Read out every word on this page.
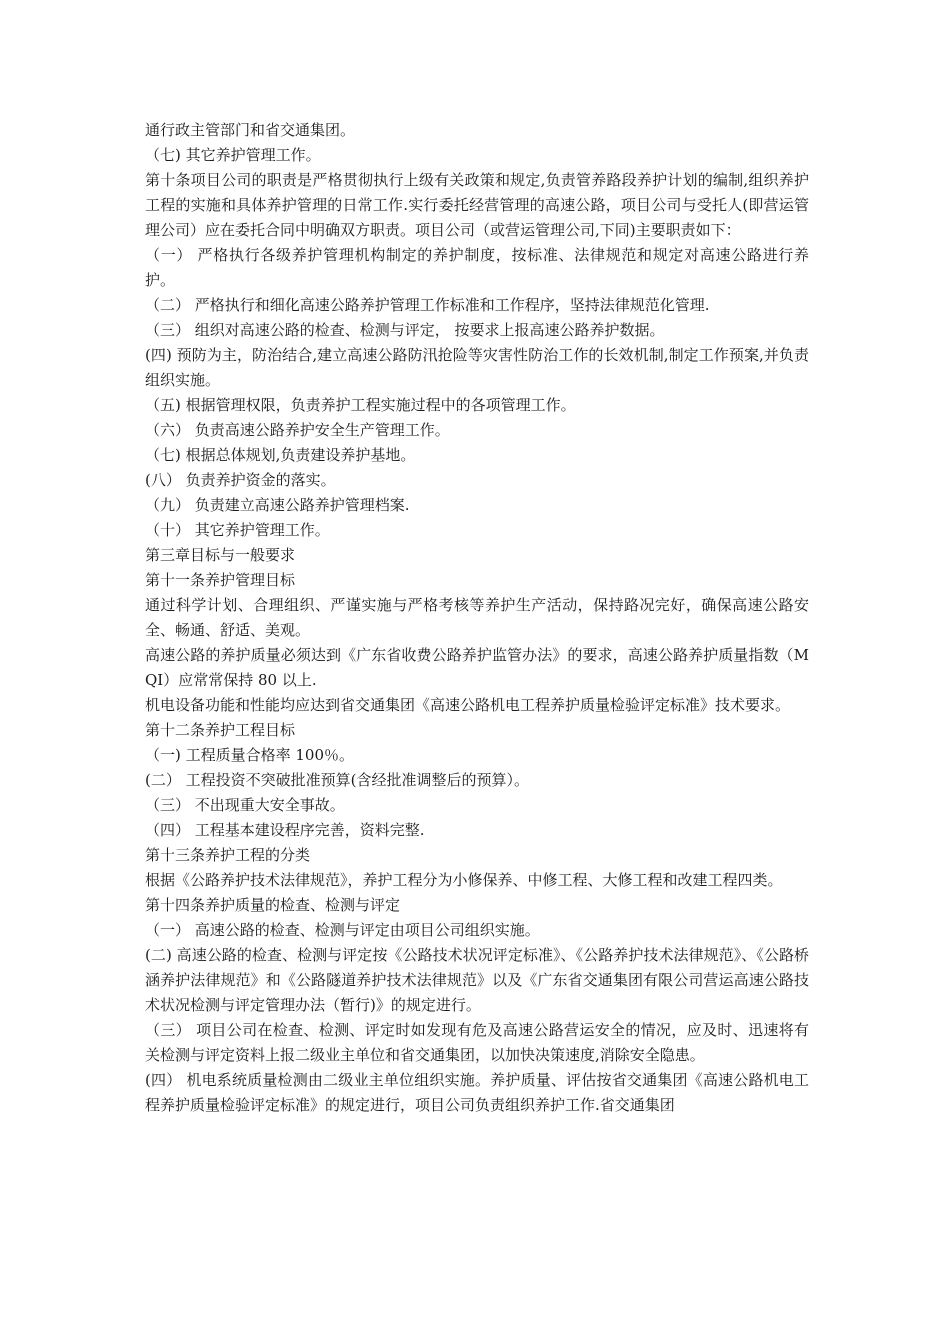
通行政主管部门和省交通集团。

（七) 其它养护管理工作。

第十条项目公司的职责是严格贯彻执行上级有关政策和规定,负责管养路段养护计划的编制,组织养护工程的实施和具体养护管理的日常工作.实行委托经营管理的高速公路，项目公司与受托人(即营运管理公司）应在委托合同中明确双方职责。项目公司（或营运管理公司,下同)主要职责如下：

（一） 严格执行各级养护管理机构制定的养护制度，按标准、法律规范和规定对高速公路进行养护。

（二） 严格执行和细化高速公路养护管理工作标准和工作程序，坚持法律规范化管理.

（三） 组织对高速公路的检查、检测与评定， 按要求上报高速公路养护数据。

(四) 预防为主，防治结合,建立高速公路防汛抢险等灾害性防治工作的长效机制,制定工作预案,并负责组织实施。

（五) 根据管理权限，负责养护工程实施过程中的各项管理工作。

（六） 负责高速公路养护安全生产管理工作。

（七) 根据总体规划,负责建设养护基地。

(八） 负责养护资金的落实。

（九） 负责建立高速公路养护管理档案.

（十） 其它养护管理工作。

第三章目标与一般要求

第十一条养护管理目标

通过科学计划、合理组织、严谨实施与严格考核等养护生产活动，保持路况完好，确保高速公路安全、畅通、舒适、美观。

高速公路的养护质量必须达到《广东省收费公路养护监管办法》的要求，高速公路养护质量指数（MQI）应常常保持 80 以上.

机电设备功能和性能均应达到省交通集团《高速公路机电工程养护质量检验评定标准》技术要求。

第十二条养护工程目标

（一) 工程质量合格率 100％。

(二） 工程投资不突破批准预算(含经批准调整后的预算）。

（三） 不出现重大安全事故。

（四） 工程基本建设程序完善，资料完整.

第十三条养护工程的分类

根据《公路养护技术法律规范》，养护工程分为小修保养、中修工程、大修工程和改建工程四类。

第十四条养护质量的检查、检测与评定

（一） 高速公路的检查、检测与评定由项目公司组织实施。

(二) 高速公路的检查、检测与评定按《公路技术状况评定标准》、《公路养护技术法律规范》、《公路桥涵养护法律规范》和《公路隧道养护技术法律规范》以及《广东省交通集团有限公司营运高速公路技术状况检测与评定管理办法（暂行)》的规定进行。

（三） 项目公司在检查、检测、评定时如发现有危及高速公路营运安全的情况，应及时、迅速将有关检测与评定资料上报二级业主单位和省交通集团，以加快决策速度,消除安全隐患。

(四） 机电系统质量检测由二级业主单位组织实施。养护质量、评估按省交通集团《高速公路机电工程养护质量检验评定标准》的规定进行，项目公司负责组织养护工作.省交通集团
